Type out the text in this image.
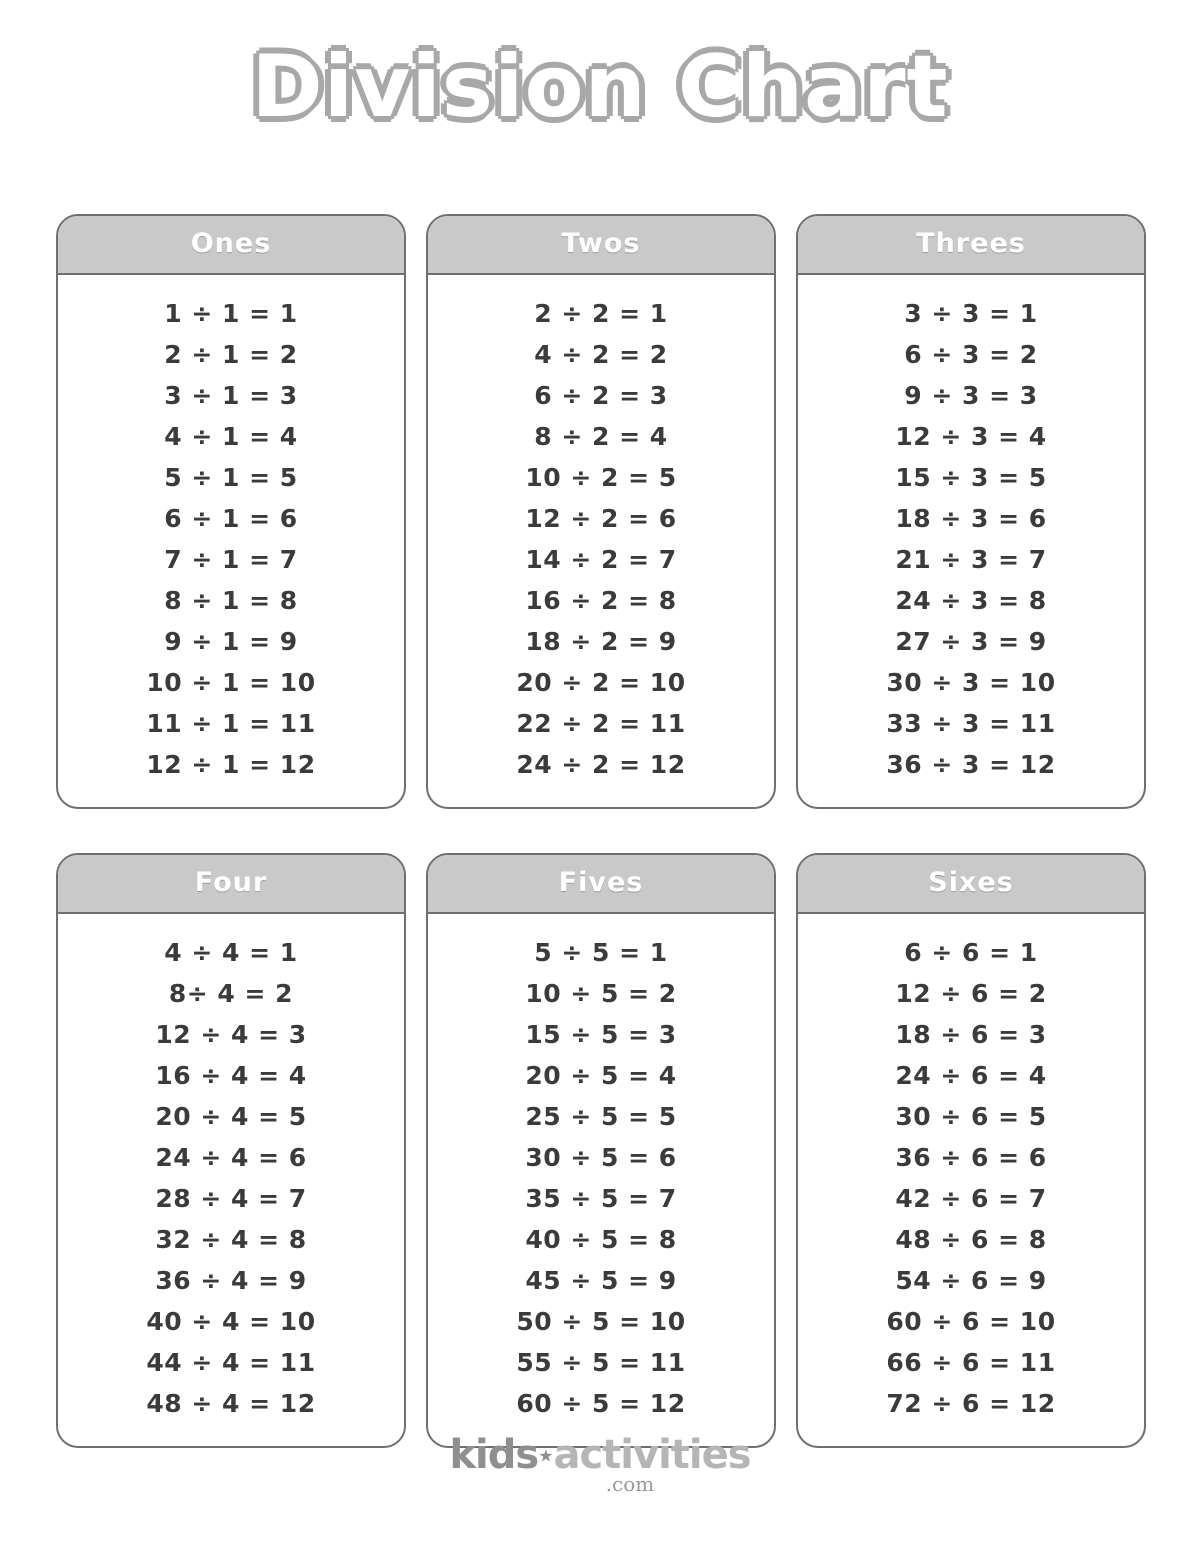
Division Chart
Ones
1 ÷ 1 = 1
2 ÷ 1 = 2
3 ÷ 1 = 3
4 ÷ 1 = 4
5 ÷ 1 = 5
6 ÷ 1 = 6
7 ÷ 1 = 7
8 ÷ 1 = 8
9 ÷ 1 = 9
10 ÷ 1 = 10
11 ÷ 1 = 11
12 ÷ 1 = 12
Twos
2 ÷ 2 = 1
4 ÷ 2 = 2
6 ÷ 2 = 3
8 ÷ 2 = 4
10 ÷ 2 = 5
12 ÷ 2 = 6
14 ÷ 2 = 7
16 ÷ 2 = 8
18 ÷ 2 = 9
20 ÷ 2 = 10
22 ÷ 2 = 11
24 ÷ 2 = 12
Threes
3 ÷ 3 = 1
6 ÷ 3 = 2
9 ÷ 3 = 3
12 ÷ 3 = 4
15 ÷ 3 = 5
18 ÷ 3 = 6
21 ÷ 3 = 7
24 ÷ 3 = 8
27 ÷ 3 = 9
30 ÷ 3 = 10
33 ÷ 3 = 11
36 ÷ 3 = 12
Four
4 ÷ 4 = 1
8÷ 4 = 2
12 ÷ 4 = 3
16 ÷ 4 = 4
20 ÷ 4 = 5
24 ÷ 4 = 6
28 ÷ 4 = 7
32 ÷ 4 = 8
36 ÷ 4 = 9
40 ÷ 4 = 10
44 ÷ 4 = 11
48 ÷ 4 = 12
Fives
5 ÷ 5 = 1
10 ÷ 5 = 2
15 ÷ 5 = 3
20 ÷ 5 = 4
25 ÷ 5 = 5
30 ÷ 5 = 6
35 ÷ 5 = 7
40 ÷ 5 = 8
45 ÷ 5 = 9
50 ÷ 5 = 10
55 ÷ 5 = 11
60 ÷ 5 = 12
Sixes
6 ÷ 6 = 1
12 ÷ 6 = 2
18 ÷ 6 = 3
24 ÷ 6 = 4
30 ÷ 6 = 5
36 ÷ 6 = 6
42 ÷ 6 = 7
48 ÷ 6 = 8
54 ÷ 6 = 9
60 ÷ 6 = 10
66 ÷ 6 = 11
72 ÷ 6 = 12
kids★activities
.com
